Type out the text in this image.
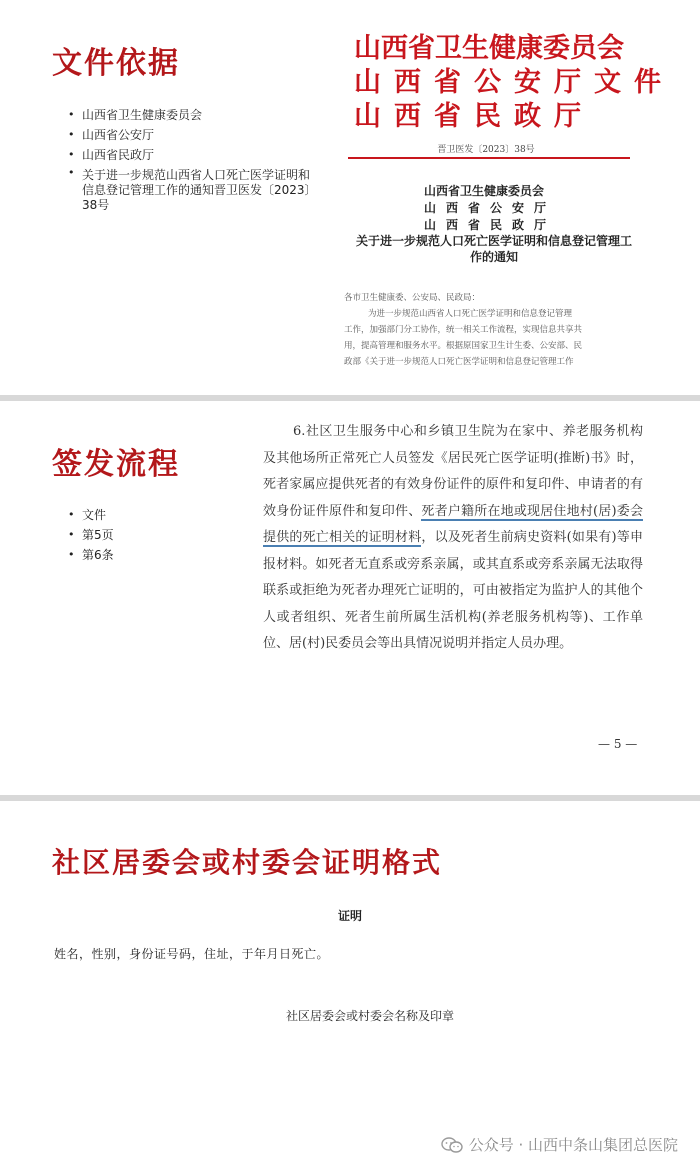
文件依据
• 山西省卫生健康委员会
• 山西省公安厅
• 山西省民政厅
• 关于进一步规范山西省人口死亡医学证明和信息登记管理工作的通知晋卫医发〔2023〕38号
山西省卫生健康委员会
山西省公安厅文件
山西省民政厅
晋卫医发〔2023〕38号
山西省卫生健康委员会
山西省公安厅
山西省民政厅
关于进一步规范人口死亡医学证明和信息登记管理工作的通知
各市卫生健康委、公安局、民政局：
为进一步规范山西省人口死亡医学证明和信息登记管理
工作，加强部门分工协作，统一相关工作流程，实现信息共享共
用，提高管理和服务水平。根据原国家卫生计生委、公安部、民
政部《关于进一步规范人口死亡医学证明和信息登记管理工作
签发流程
• 文件
• 第5页
• 第6条
6.社区卫生服务中心和乡镇卫生院为在家中、养老服务机构及其他场所正常死亡人员签发《居民死亡医学证明(推断)书》时，死者家属应提供死者的有效身份证件的原件和复印件、申请者的有效身份证件原件和复印件、死者户籍所在地或现居住地村(居)委会提供的死亡相关的证明材料，以及死者生前病史资料(如果有)等申报材料。如死者无直系或旁系亲属，或其直系或旁系亲属无法取得联系或拒绝为死者办理死亡证明的，可由被指定为监护人的其他个人或者组织、死者生前所属生活机构(养老服务机构等)、工作单位、居(村)民委员会等出具情况说明并指定人员办理。
— 5 —
社区居委会或村委会证明格式
证明
姓名，性别，身份证号码，住址，于年月日死亡。
社区居委会或村委会名称及印章
公众号 · 山西中条山集团总医院
